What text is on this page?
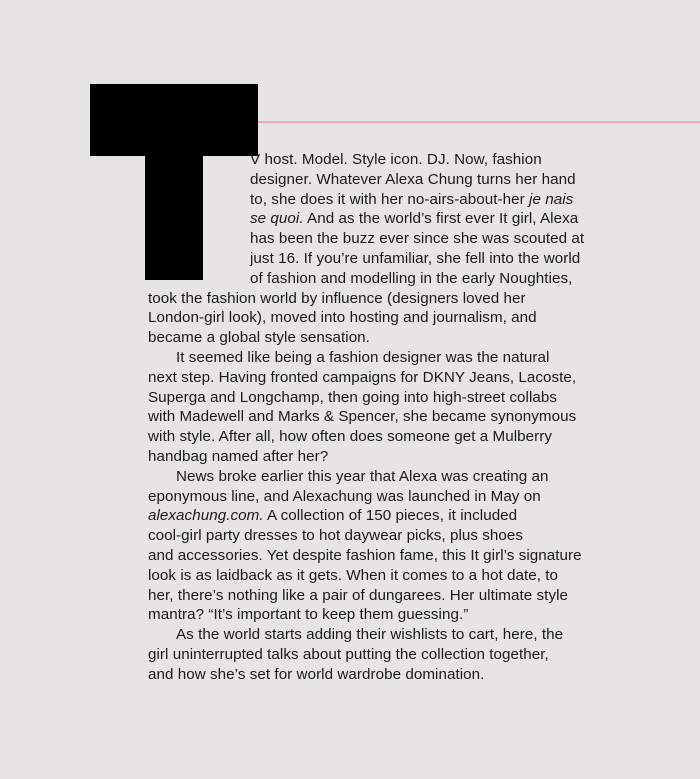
V host. Model. Style icon. DJ. Now, fashion
designer. Whatever Alexa Chung turns her hand
to, she does it with her no-airs-about-her je nais
se quoi. And as the world’s first ever It girl, Alexa
has been the buzz ever since she was scouted at
just 16. If you’re unfamiliar, she fell into the world
of fashion and modelling in the early Noughties,
took the fashion world by influence (designers loved her
London-girl look), moved into hosting and journalism, and
became a global style sensation.
It seemed like being a fashion designer was the natural
next step. Having fronted campaigns for DKNY Jeans, Lacoste,
Superga and Longchamp, then going into high-street collabs
with Madewell and Marks & Spencer, she became synonymous
with style. After all, how often does someone get a Mulberry
handbag named after her?
News broke earlier this year that Alexa was creating an
eponymous line, and Alexachung was launched in May on
alexachung.com. A collection of 150 pieces, it included
cool-girl party dresses to hot daywear picks, plus shoes
and accessories. Yet despite fashion fame, this It girl’s signature
look is as laidback as it gets. When it comes to a hot date, to
her, there’s nothing like a pair of dungarees. Her ultimate style
mantra? “It’s important to keep them guessing.”
As the world starts adding their wishlists to cart, here, the
girl uninterrupted talks about putting the collection together,
and how she’s set for world wardrobe domination.
